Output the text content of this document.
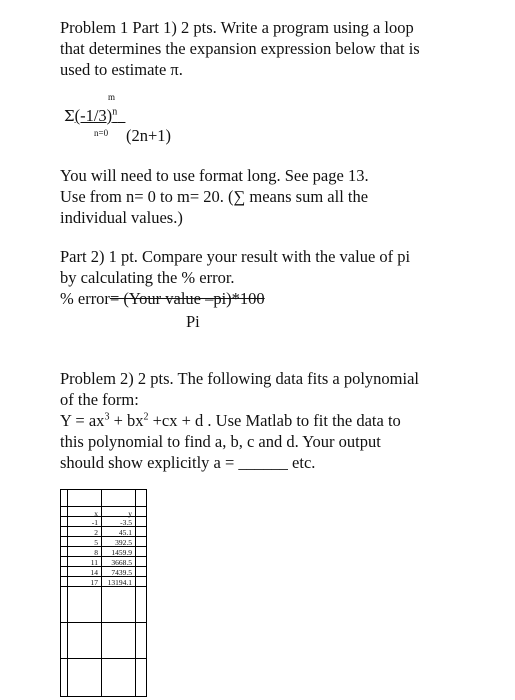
Problem 1 Part 1) 2 pts. Write a program using a loop
that determines the expansion expression below that is
used to estimate π.
m
$\Sigma(-1/3)^n$
n=0 (2n+1)
You will need to use format long. See page 13.
Use from n= 0 to m= 20. (∑ means sum all the
individual values.)
Part 2) 1 pt. Compare your result with the value of pi
by calculating the % error.
% error= (Your value –pi)*100
Pi
Problem 2) 2 pts. The following data fits a polynomial
of the form:
$Y = ax^3 + bx^2 +cx + d$ . Use Matlab to fit the data to
this polynomial to find a, b, c and d. Your output
should show explicitly a = ______ etc.
x	y
-1	-3.5
2	45.1
5	392.5
8	1459.9
11	3668.5
14	7439.5
17	13194.1
